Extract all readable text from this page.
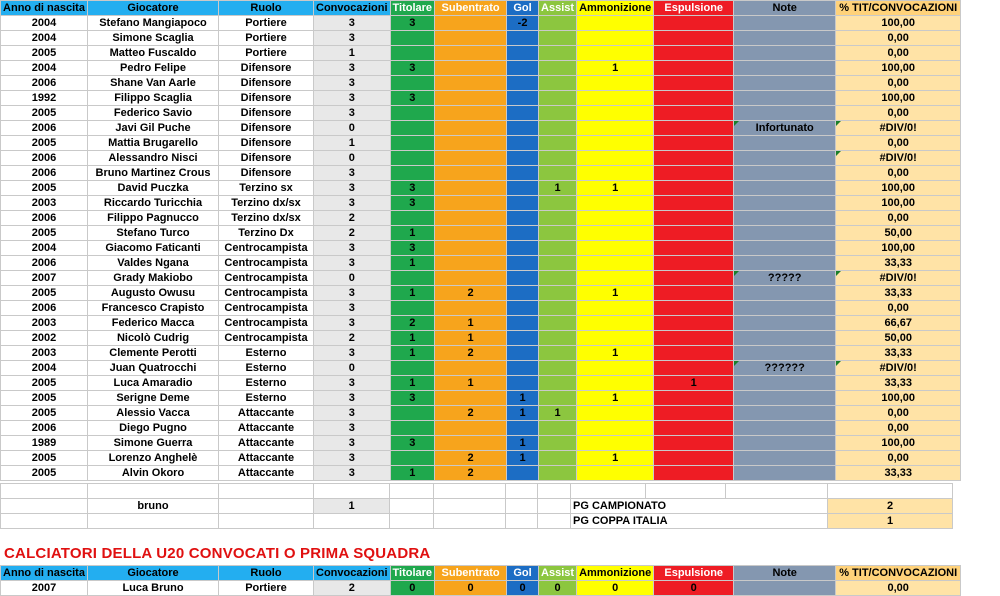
Anno di nascita	Giocatore	Ruolo	Convocazioni	Titolare	Subentrato	Gol	Assist	Ammonizione	Espulsione	Note	% TIT/CONVOCAZIONI
2004	Stefano Mangiapoco	Portiere	3	3		-2					100,00
2004	Simone Scaglia	Portiere	3								0,00
2005	Matteo Fuscaldo	Portiere	1								0,00
2004	Pedro Felipe	Difensore	3	3				1			100,00
2006	Shane Van Aarle	Difensore	3								0,00
1992	Filippo Scaglia	Difensore	3	3							100,00
2005	Federico Savio	Difensore	3								0,00
2006	Javi Gil Puche	Difensore	0							Infortunato	#DIV/0!
2005	Mattia Brugarello	Difensore	1								0,00
2006	Alessandro Nisci	Difensore	0								#DIV/0!
2006	Bruno Martinez Crous	Difensore	3								0,00
2005	David Puczka	Terzino sx	3	3			1	1			100,00
2003	Riccardo Turicchia	Terzino dx/sx	3	3							100,00
2006	Filippo Pagnucco	Terzino dx/sx	2								0,00
2005	Stefano Turco	Terzino Dx	2	1							50,00
2004	Giacomo Faticanti	Centrocampista	3	3							100,00
2006	Valdes Ngana	Centrocampista	3	1							33,33
2007	Grady Makiobo	Centrocampista	0							?????	#DIV/0!
2005	Augusto Owusu	Centrocampista	3	1	2			1			33,33
2006	Francesco Crapisto	Centrocampista	3								0,00
2003	Federico Macca	Centrocampista	3	2	1						66,67
2002	Nicolò Cudrig	Centrocampista	2	1	1						50,00
2003	Clemente Perotti	Esterno	3	1	2			1			33,33
2004	Juan Quatrocchi	Esterno	0							??????	#DIV/0!
2005	Luca Amaradio	Esterno	3	1	1				1		33,33
2005	Serigne Deme	Esterno	3	3		1		1			100,00
2005	Alessio Vacca	Attaccante	3		2	1	1				0,00
2006	Diego Pugno	Attaccante	3								0,00
1989	Simone Guerra	Attaccante	3	3		1					100,00
2005	Lorenzo Anghelè	Attaccante	3		2	1		1			0,00
2005	Alvin Okoro	Attaccante	3	1	2						33,33

	bruno		1					PG CAMPIONATO			2
								PG COPPA ITALIA			1
CALCIATORI DELLA U20 CONVOCATI O PRIMA SQUADRA
Anno di nascita	Giocatore	Ruolo	Convocazioni	Titolare	Subentrato	Gol	Assist	Ammonizione	Espulsione	Note	% TIT/CONVOCAZIONI
2007	Luca Bruno	Portiere	2	0	0	0	0	0	0		0,00
